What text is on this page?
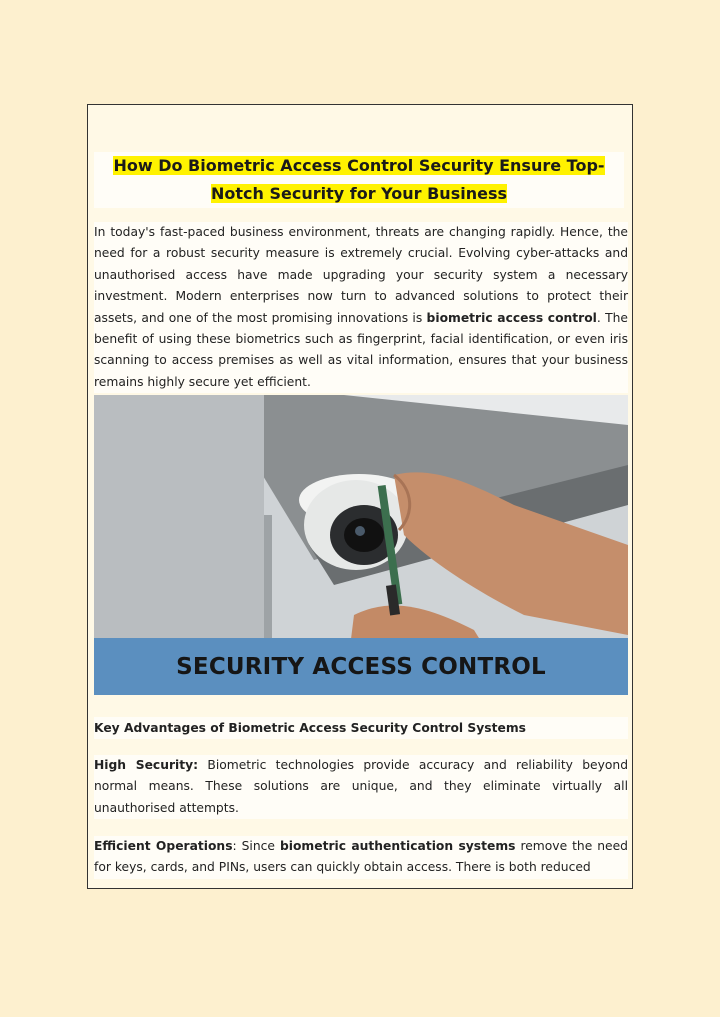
How Do Biometric Access Control Security Ensure Top-Notch Security for Your Business

In today's fast-paced business environment, threats are changing rapidly. Hence, the need for a robust security measure is extremely crucial. Evolving cyber-attacks and unauthorised access have made upgrading your security system a necessary investment. Modern enterprises now turn to advanced solutions to protect their assets, and one of the most promising innovations is biometric access control. The benefit of using these biometrics such as fingerprint, facial identification, or even iris scanning to access premises as well as vital information, ensures that your business remains highly secure yet efficient.

SECURITY ACCESS CONTROL

Key Advantages of Biometric Access Security Control Systems

High Security: Biometric technologies provide accuracy and reliability beyond normal means. These solutions are unique, and they eliminate virtually all unauthorised attempts.

Efficient Operations: Since biometric authentication systems remove the need for keys, cards, and PINs, users can quickly obtain access. There is both reduced
